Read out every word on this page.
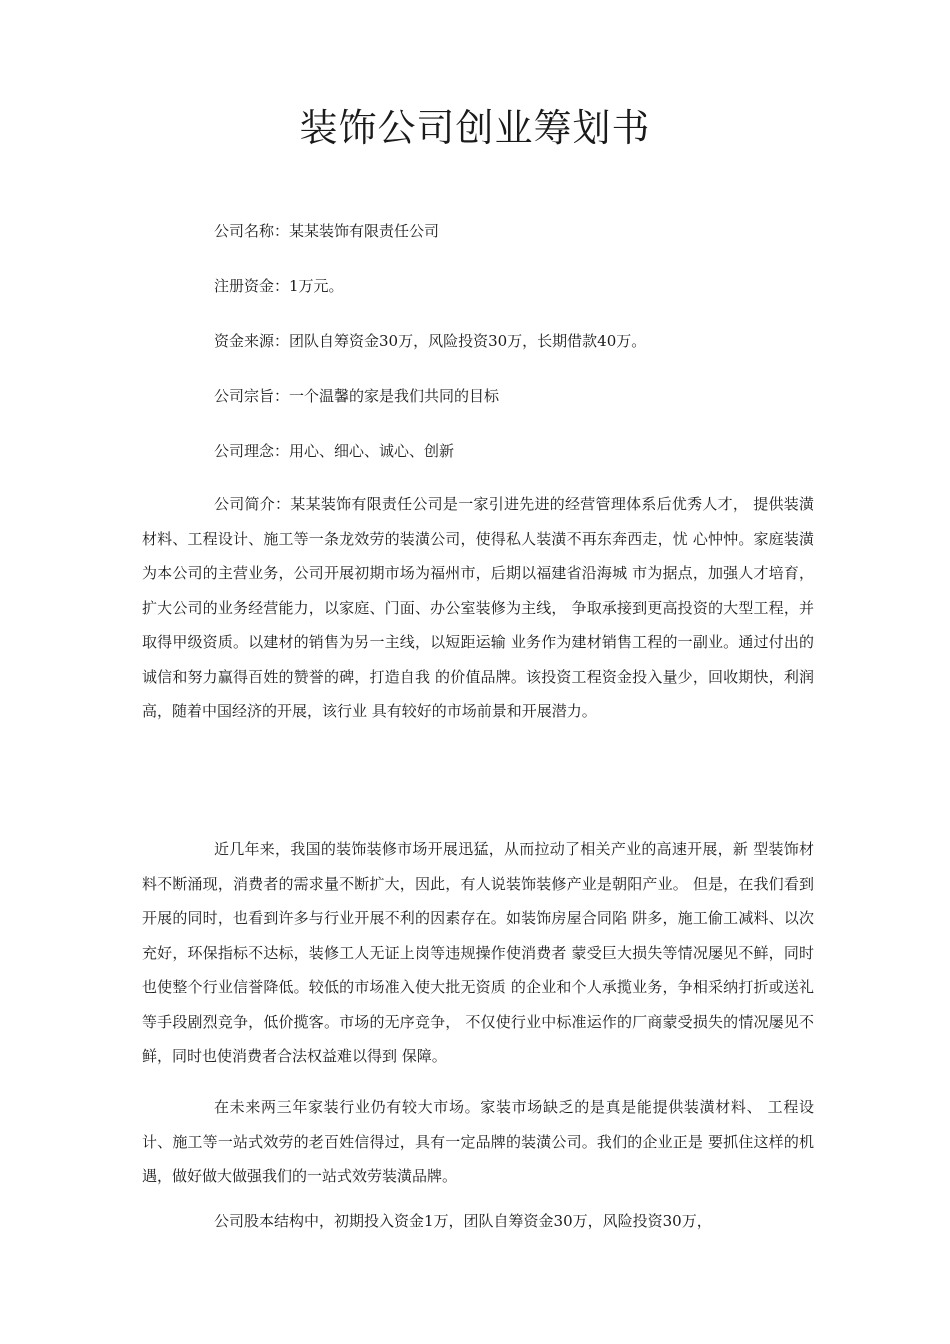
装饰公司创业筹划书
公司名称：某某装饰有限责任公司
注册资金：1万元。
资金来源：团队自筹资金30万，风险投资30万，长期借款40万。
公司宗旨：一个温馨的家是我们共同的目标
公司理念：用心、细心、诚心、创新

公司简介：某某装饰有限责任公司是一家引进先进的经营管理体系后优秀人才， 提供装潢材料、工程设计、施工等一条龙效劳的装潢公司，使得私人装潢不再东奔西走，忧 心忡忡。家庭装潢为本公司的主营业务，公司开展初期市场为福州市，后期以福建省沿海城 市为据点，加强人才培育，扩大公司的业务经营能力，以家庭、门面、办公室装修为主线， 争取承接到更高投资的大型工程，并取得甲级资质。以建材的销售为另一主线，以短距运输 业务作为建材销售工程的一副业。通过付出的诚信和努力赢得百姓的赞誉的碑，打造自我 的价值品牌。该投资工程资金投入量少，回收期快，利润高，随着中国经济的开展，该行业 具有较好的市场前景和开展潜力。

近几年来，我国的装饰装修市场开展迅猛，从而拉动了相关产业的高速开展，新 型装饰材料不断涌现，消费者的需求量不断扩大，因此，有人说装饰装修产业是朝阳产业。 但是，在我们看到开展的同时，也看到许多与行业开展不利的因素存在。如装饰房屋合同陷 阱多，施工偷工减料、以次充好，环保指标不达标，装修工人无证上岗等违规操作使消费者 蒙受巨大损失等情况屡见不鲜，同时也使整个行业信誉降低。较低的市场准入使大批无资质 的企业和个人承揽业务，争相采纳打折或送礼等手段剧烈竞争，低价揽客。市场的无序竞争， 不仅使行业中标准运作的厂商蒙受损失的情况屡见不鲜，同时也使消费者合法权益难以得到 保障。

在未来两三年家装行业仍有较大市场。家装市场缺乏的是真是能提供装潢材料、 工程设计、施工等一站式效劳的老百姓信得过，具有一定品牌的装潢公司。我们的企业正是 要抓住这样的机遇，做好做大做强我们的一站式效劳装潢品牌。

公司股本结构中，初期投入资金1万，团队自筹资金30万，风险投资30万，
